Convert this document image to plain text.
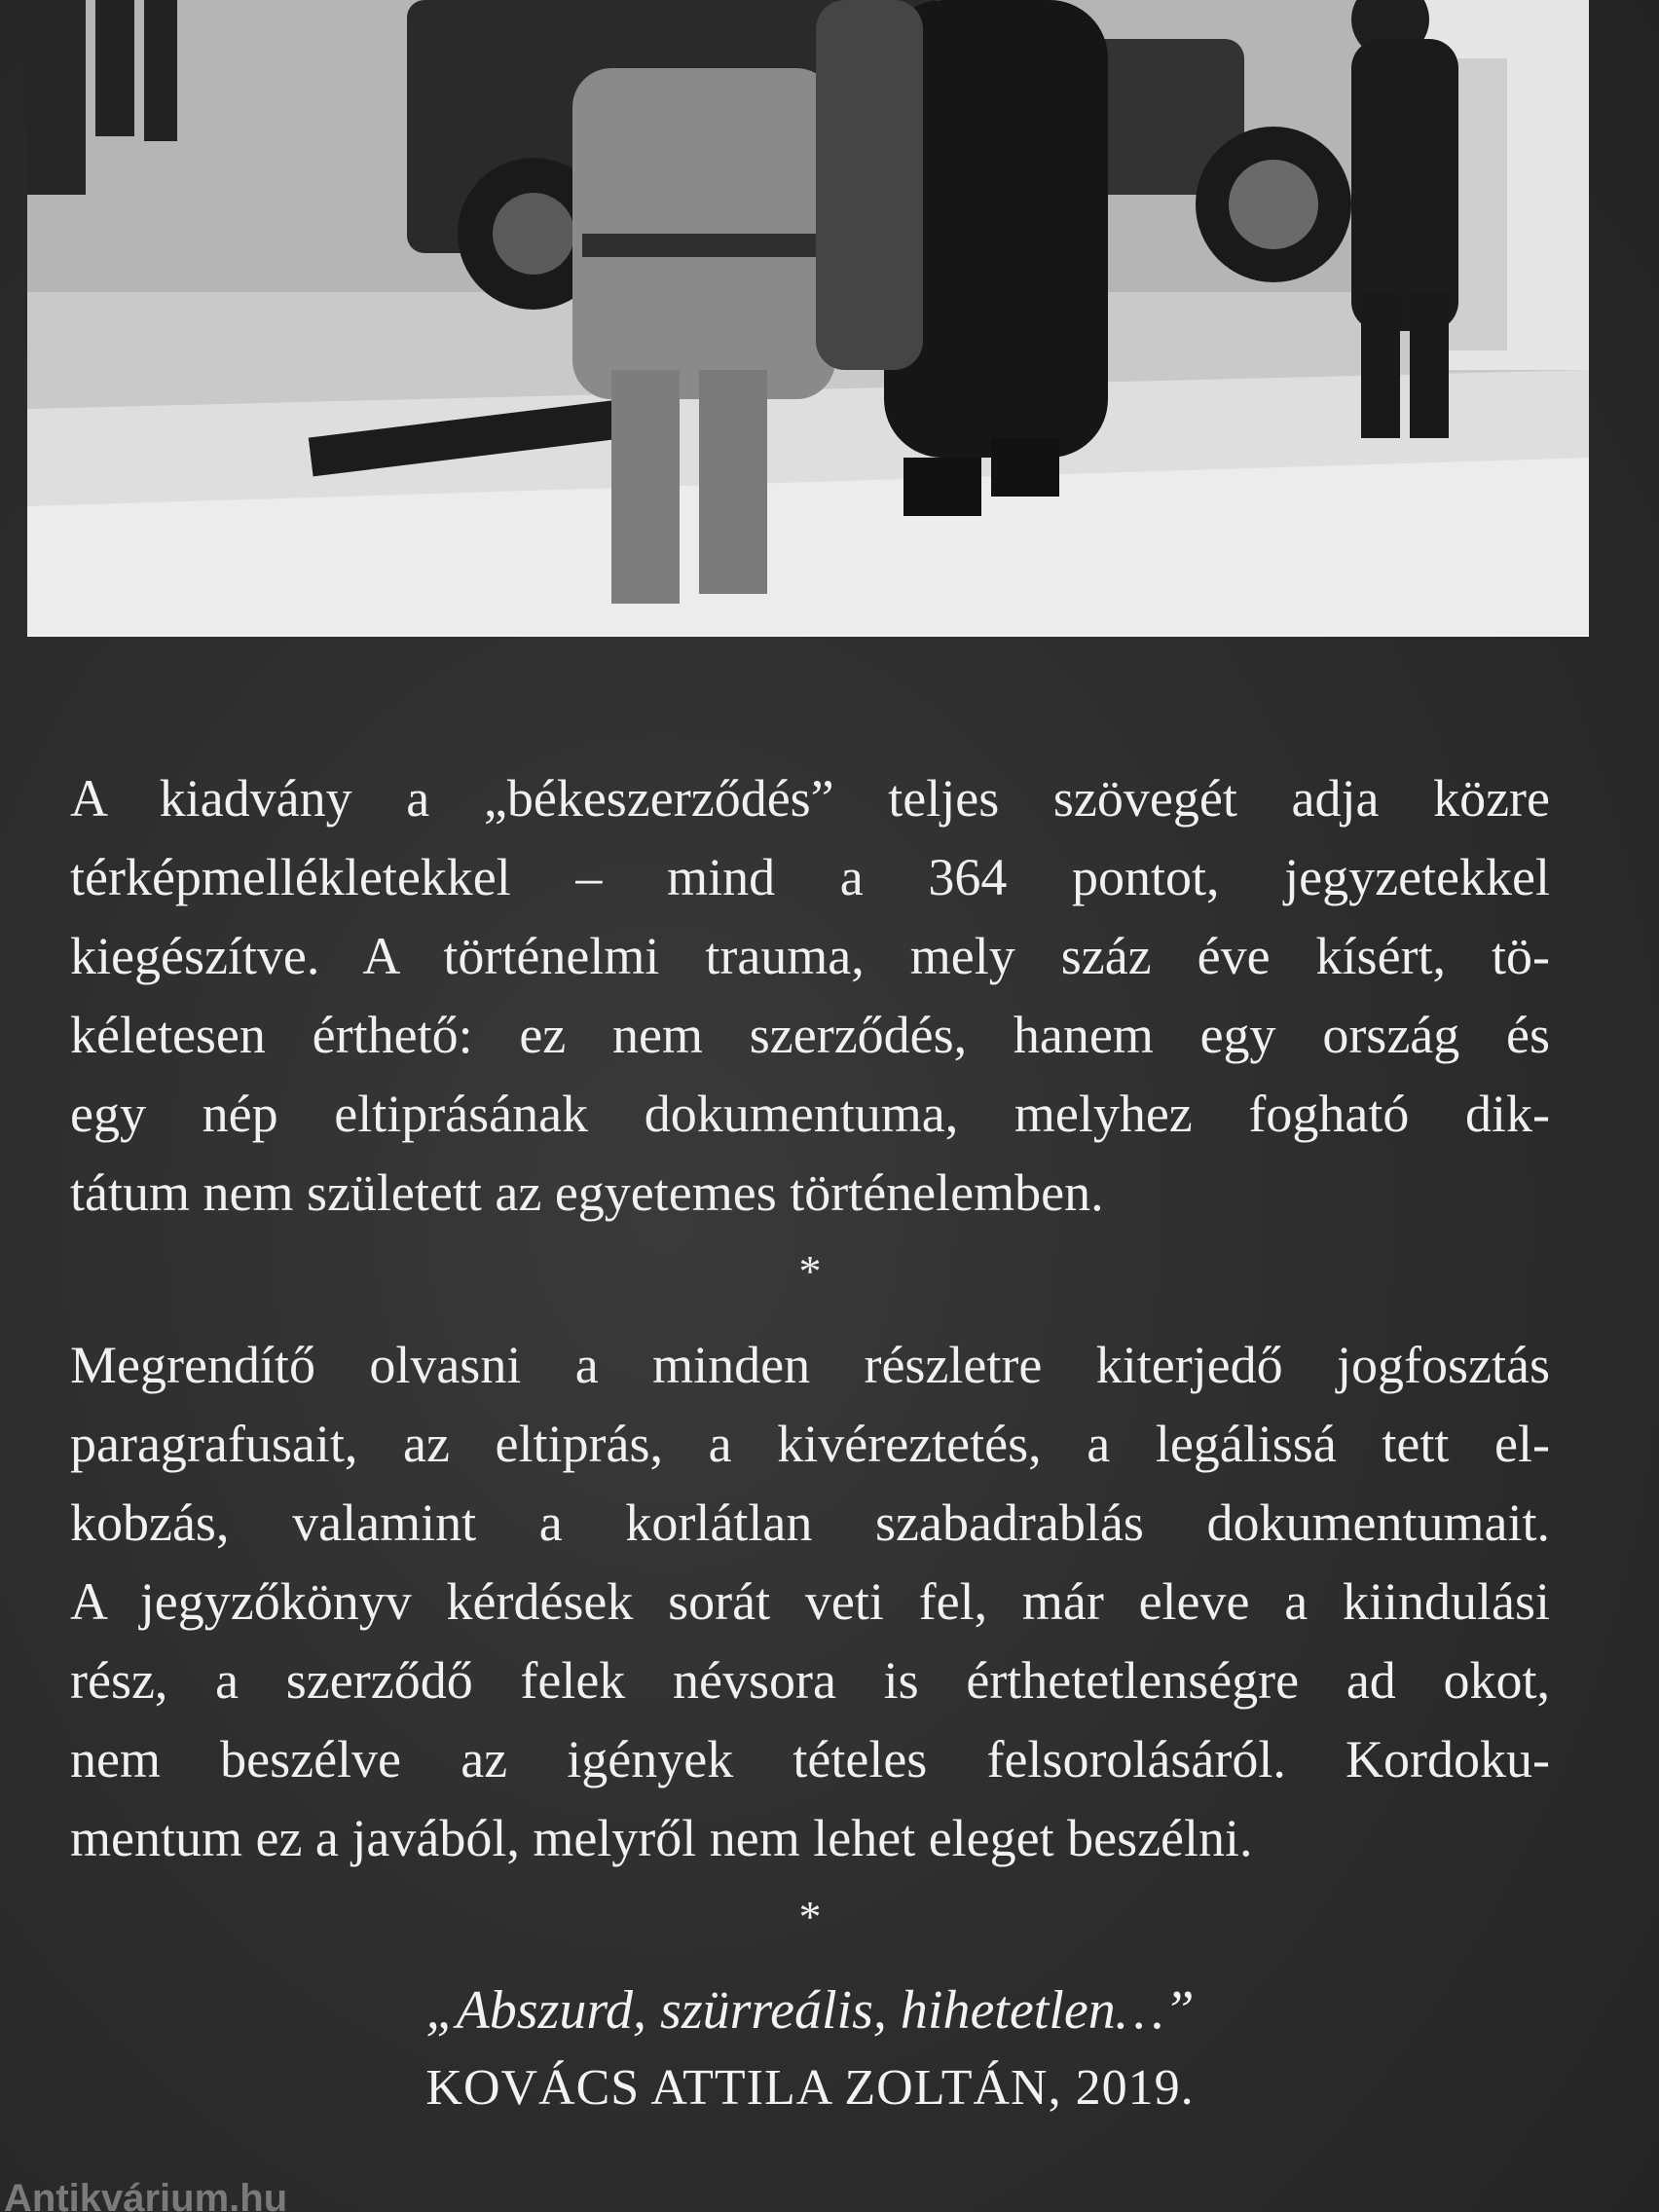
A kiadvány a „békeszerződés” teljes szövegét adja közre
térképmellékletekkel – mind a 364 pontot, jegyzetekkel
kiegészítve. A történelmi trauma, mely száz éve kísért, tö-
kéletesen érthető: ez nem szerződés, hanem egy ország és
egy nép eltiprásának dokumentuma, melyhez fogható dik-
tátum nem született az egyetemes történelemben.

*

Megrendítő olvasni a minden részletre kiterjedő jogfosztás
paragrafusait, az eltiprás, a kivéreztetés, a legálissá tett el-
kobzás, valamint a korlátlan szabadrablás dokumentumait.
A jegyzőkönyv kérdések sorát veti fel, már eleve a kiindulási
rész, a szerződő felek névsora is érthetetlenségre ad okot,
nem beszélve az igények tételes felsorolásáról. Kordoku-
mentum ez a javából, melyről nem lehet eleget beszélni.

*
„Abszurd, szürreális, hihetetlen…”
KOVÁCS ATTILA ZOLTÁN, 2019.
Antikvárium.hu
